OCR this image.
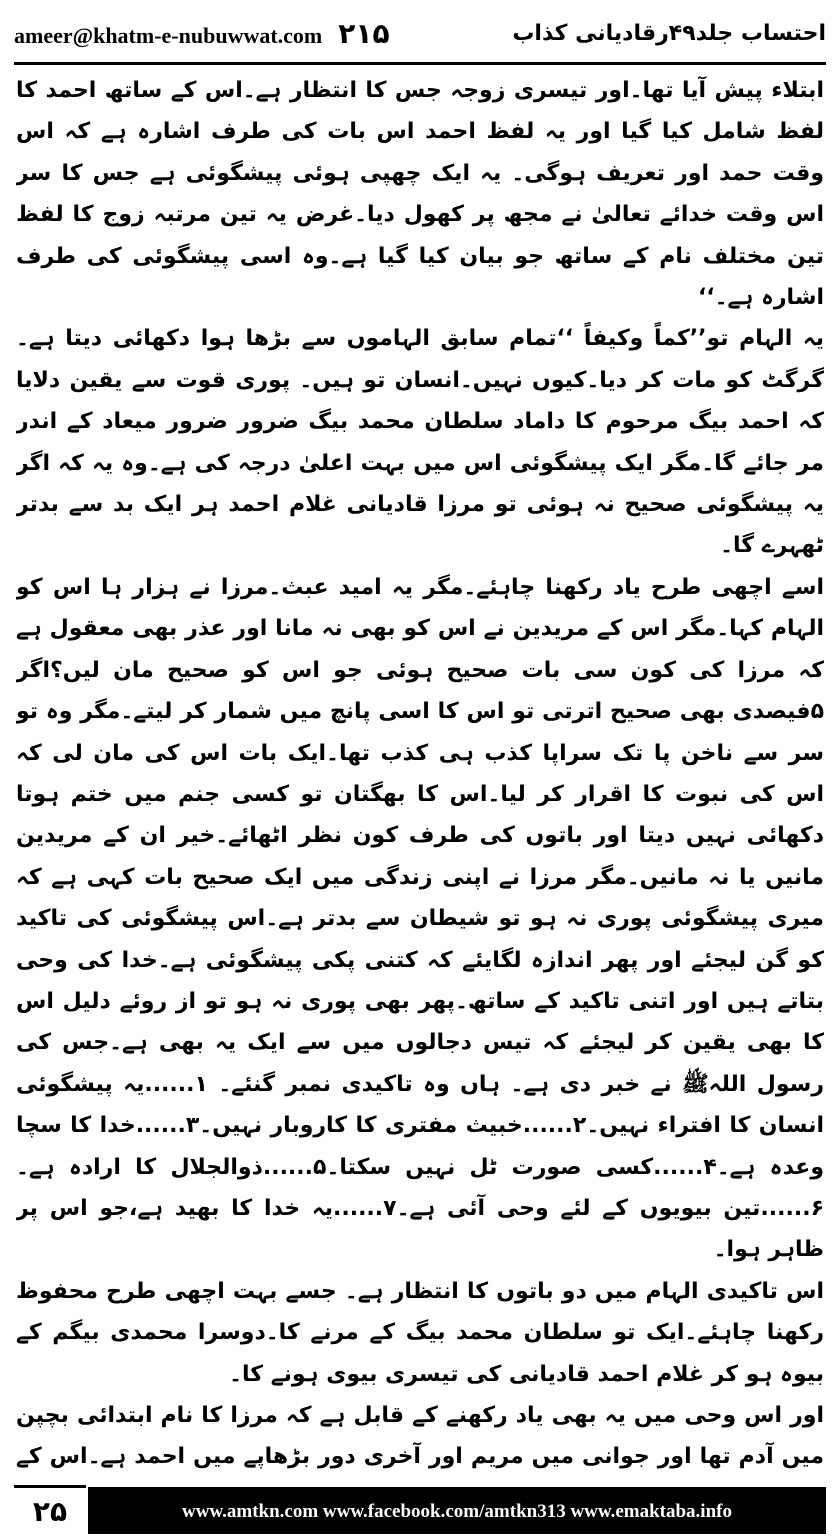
ameer@khatm-e-nubuwwat.com ۲۱۵	احتساب جلد۴۹رقادیانی کذاب

ابتلاء پیش آیا تھا۔اور تیسری زوجہ جس کا انتظار ہے۔اس کے ساتھ احمد کا لفظ شامل کیا گیا اور یہ لفظ احمد اس بات کی طرف اشارہ ہے کہ اس وقت حمد اور تعریف ہوگی۔ یہ ایک چھپی ہوئی پیشگوئی ہے جس کا سر اس وقت خدائے تعالیٰ نے مجھ پر کھول دیا۔غرض یہ تین مرتبہ زوج کا لفظ تین مختلف نام کے ساتھ جو بیان کیا گیا ہے۔وہ اسی پیشگوئی کی طرف اشارہ ہے۔‘‘

یہ الہام تو’’کماً وکیفاً ‘‘تمام سابق الہاموں سے بڑھا ہوا دکھائی دیتا ہے۔ گرگٹ کو مات کر دیا۔کیوں نہیں۔انسان تو ہیں۔ پوری قوت سے یقین دلایا کہ احمد بیگ مرحوم کا داماد سلطان محمد بیگ ضرور ضرور میعاد کے اندر مر جائے گا۔مگر ایک پیشگوئی اس میں بہت اعلیٰ درجہ کی ہے۔وہ یہ کہ اگر یہ پیشگوئی صحیح نہ ہوئی تو مرزا قادیانی غلام احمد ہر ایک بد سے بدتر ٹھہرے گا۔

اسے اچھی طرح یاد رکھنا چاہئے۔مگر یہ امید عبث۔مرزا نے ہزار ہا اس کو الہام کہا۔مگر اس کے مریدین نے اس کو بھی نہ مانا اور عذر بھی معقول ہے کہ مرزا کی کون سی بات صحیح ہوئی جو اس کو صحیح مان لیں؟اگر ۵فیصدی بھی صحیح اترتی تو اس کا اسی پانچ میں شمار کر لیتے۔مگر وہ تو سر سے ناخن پا تک سراپا کذب ہی کذب تھا۔ایک بات اس کی مان لی کہ اس کی نبوت کا اقرار کر لیا۔اس کا بھگتان تو کسی جنم میں ختم ہوتا دکھائی نہیں دیتا اور باتوں کی طرف کون نظر اٹھائے۔خیر ان کے مریدین مانیں یا نہ مانیں۔مگر مرزا نے اپنی زندگی میں ایک صحیح بات کہی ہے کہ میری پیشگوئی پوری نہ ہو تو شیطان سے بدتر ہے۔اس پیشگوئی کی تاکید کو گن لیجئے اور پھر اندازہ لگایئے کہ کتنی پکی پیشگوئی ہے۔خدا کی وحی بتاتے ہیں اور اتنی تاکید کے ساتھ۔پھر بھی پوری نہ ہو تو از روئے دلیل اس کا بھی یقین کر لیجئے کہ تیس دجالوں میں سے ایک یہ بھی ہے۔جس کی رسول اللہﷺ نے خبر دی ہے۔ ہاں وہ تاکیدی نمبر گنئے۔ ۱......یہ پیشگوئی انسان کا افتراء نہیں۔۲......خبیث مفتری کا کاروبار نہیں۔۳......خدا کا سچا وعدہ ہے۔۴......کسی صورت ٹل نہیں سکتا۔۵......ذوالجلال کا ارادہ ہے۔۶......تین بیویوں کے لئے وحی آئی ہے۔۷......یہ خدا کا بھید ہے،جو اس پر ظاہر ہوا۔

اس تاکیدی الہام میں دو باتوں کا انتظار ہے۔ جسے بہت اچھی طرح محفوظ رکھنا چاہئے۔ایک تو سلطان محمد بیگ کے مرنے کا۔دوسرا محمدی بیگم کے بیوہ ہو کر غلام احمد قادیانی کی تیسری بیوی ہونے کا۔

اور اس وحی میں یہ بھی یاد رکھنے کے قابل ہے کہ مرزا کا نام ابتدائی بچپن میں آدم تھا اور جوانی میں مریم اور آخری دور بڑھاپے میں احمد ہے۔اس کے

۲۵	www.amtkn.com www.facebook.com/amtkn313 www.emaktaba.info
